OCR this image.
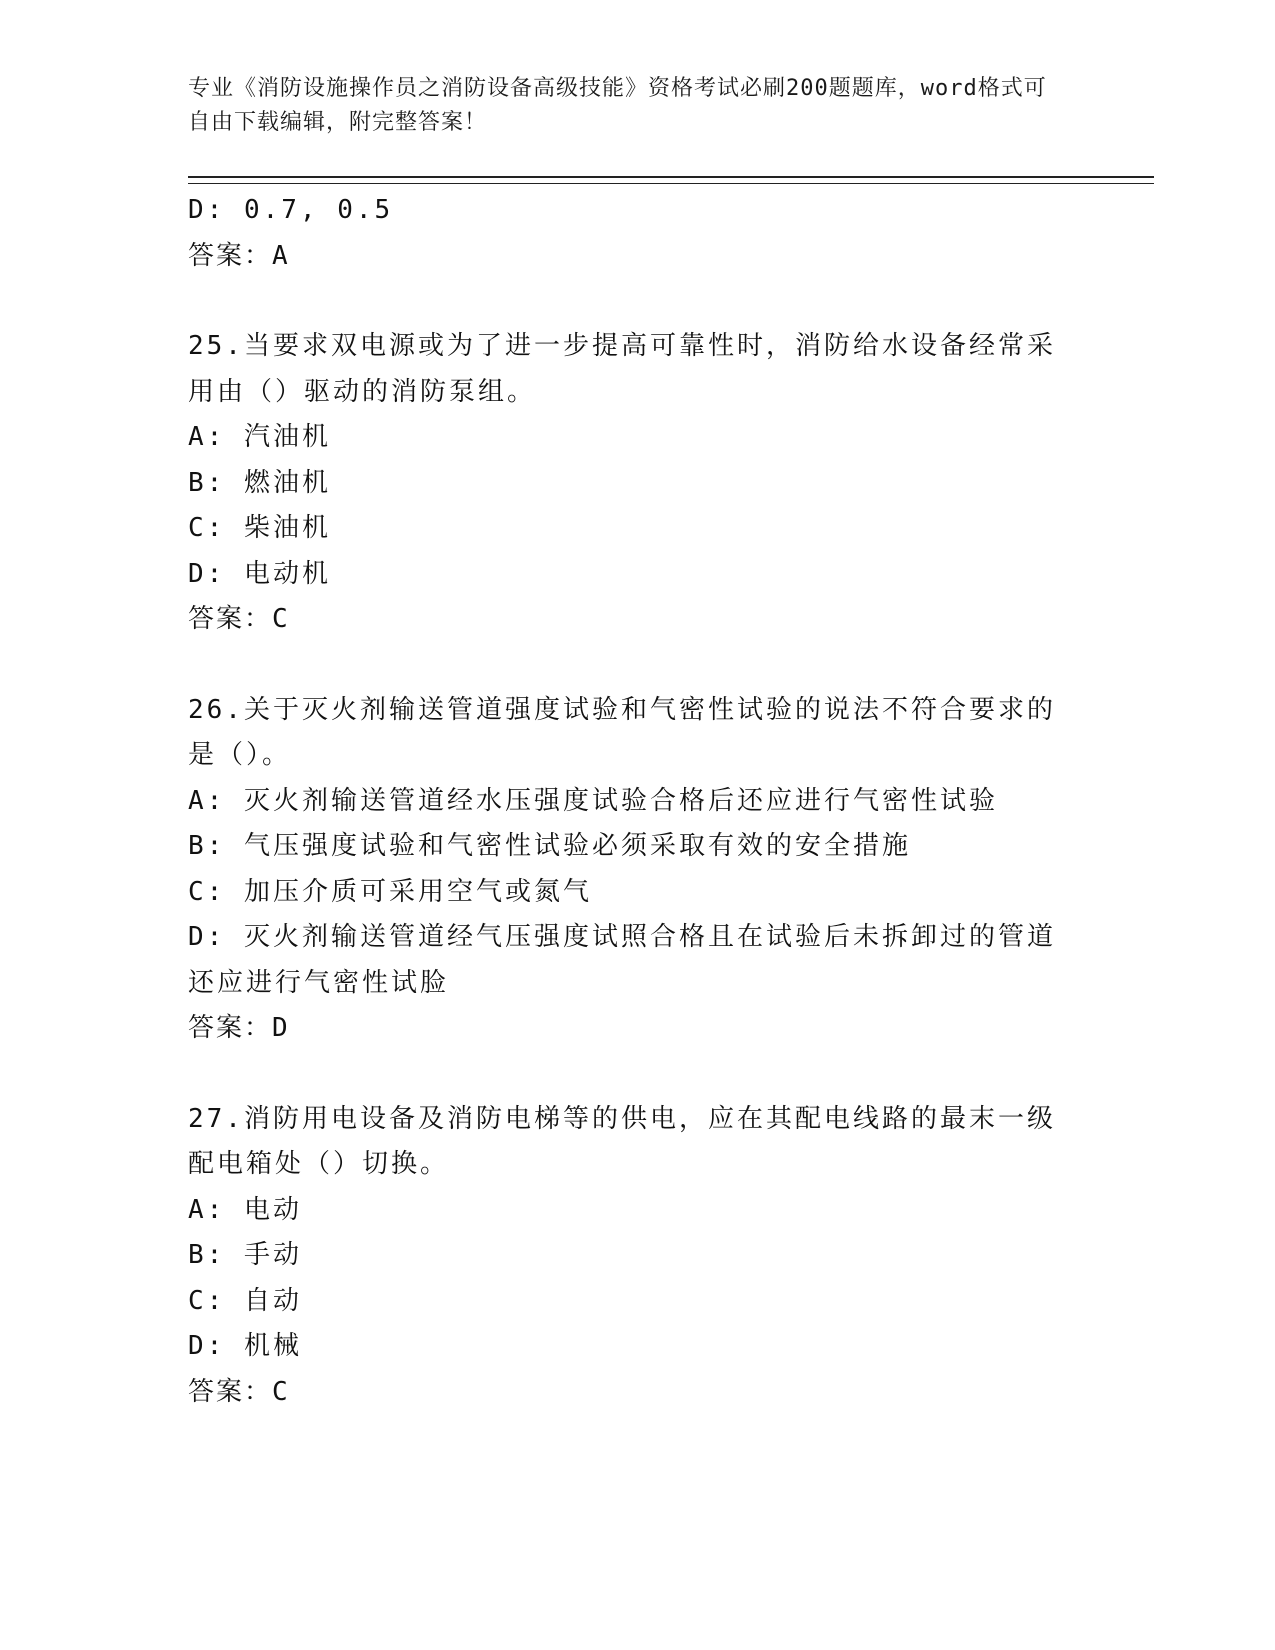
专业《消防设施操作员之消防设备高级技能》资格考试必刷200题题库，word格式可自由下载编辑，附完整答案！
D: 0.7, 0.5
答案：A
25.当要求双电源或为了进一步提高可靠性时，消防给水设备经常采用由（）驱动的消防泵组。
A: 汽油机
B: 燃油机
C: 柴油机
D: 电动机
答案：C
26.关于灭火剂输送管道强度试验和气密性试验的说法不符合要求的是（）。
A: 灭火剂输送管道经水压强度试验合格后还应进行气密性试验
B: 气压强度试验和气密性试验必须采取有效的安全措施
C: 加压介质可采用空气或氮气
D: 灭火剂输送管道经气压强度试照合格且在试验后未拆卸过的管道还应进行气密性试脸
答案：D
27.消防用电设备及消防电梯等的供电，应在其配电线路的最末一级配电箱处（）切换。
A: 电动
B: 手动
C: 自动
D: 机械
答案：C
